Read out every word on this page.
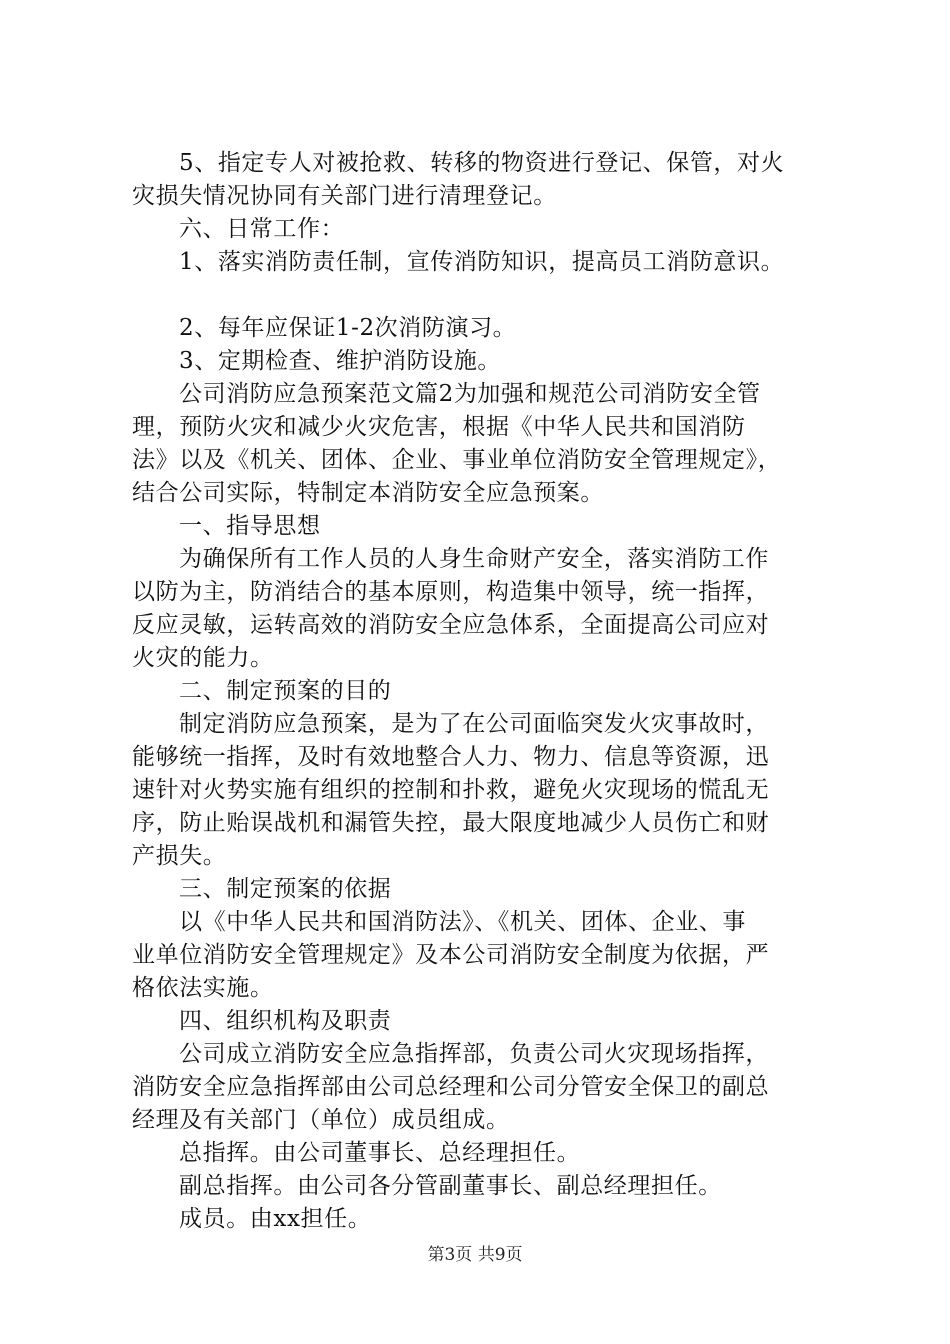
5、指定专人对被抢救、转移的物资进行登记、保管，对火
灾损失情况协同有关部门进行清理登记。
六、日常工作：
1、落实消防责任制，宣传消防知识，提高员工消防意识。
2、每年应保证1-2次消防演习。
3、定期检查、维护消防设施。
公司消防应急预案范文篇2为加强和规范公司消防安全管
理，预防火灾和减少火灾危害，根据《中华人民共和国消防
法》以及《机关、团体、企业、事业单位消防安全管理规定》，
结合公司实际，特制定本消防安全应急预案。
一、指导思想
为确保所有工作人员的人身生命财产安全，落实消防工作
以防为主，防消结合的基本原则，构造集中领导，统一指挥，
反应灵敏，运转高效的消防安全应急体系，全面提高公司应对
火灾的能力。
二、制定预案的目的
制定消防应急预案，是为了在公司面临突发火灾事故时，
能够统一指挥，及时有效地整合人力、物力、信息等资源，迅
速针对火势实施有组织的控制和扑救，避免火灾现场的慌乱无
序，防止贻误战机和漏管失控，最大限度地减少人员伤亡和财
产损失。
三、制定预案的依据
以《中华人民共和国消防法》、《机关、团体、企业、事
业单位消防安全管理规定》及本公司消防安全制度为依据，严
格依法实施。
四、组织机构及职责
公司成立消防安全应急指挥部，负责公司火灾现场指挥，
消防安全应急指挥部由公司总经理和公司分管安全保卫的副总
经理及有关部门（单位）成员组成。
总指挥。由公司董事长、总经理担任。
副总指挥。由公司各分管副董事长、副总经理担任。
成员。由xx担任。
第3页 共9页
